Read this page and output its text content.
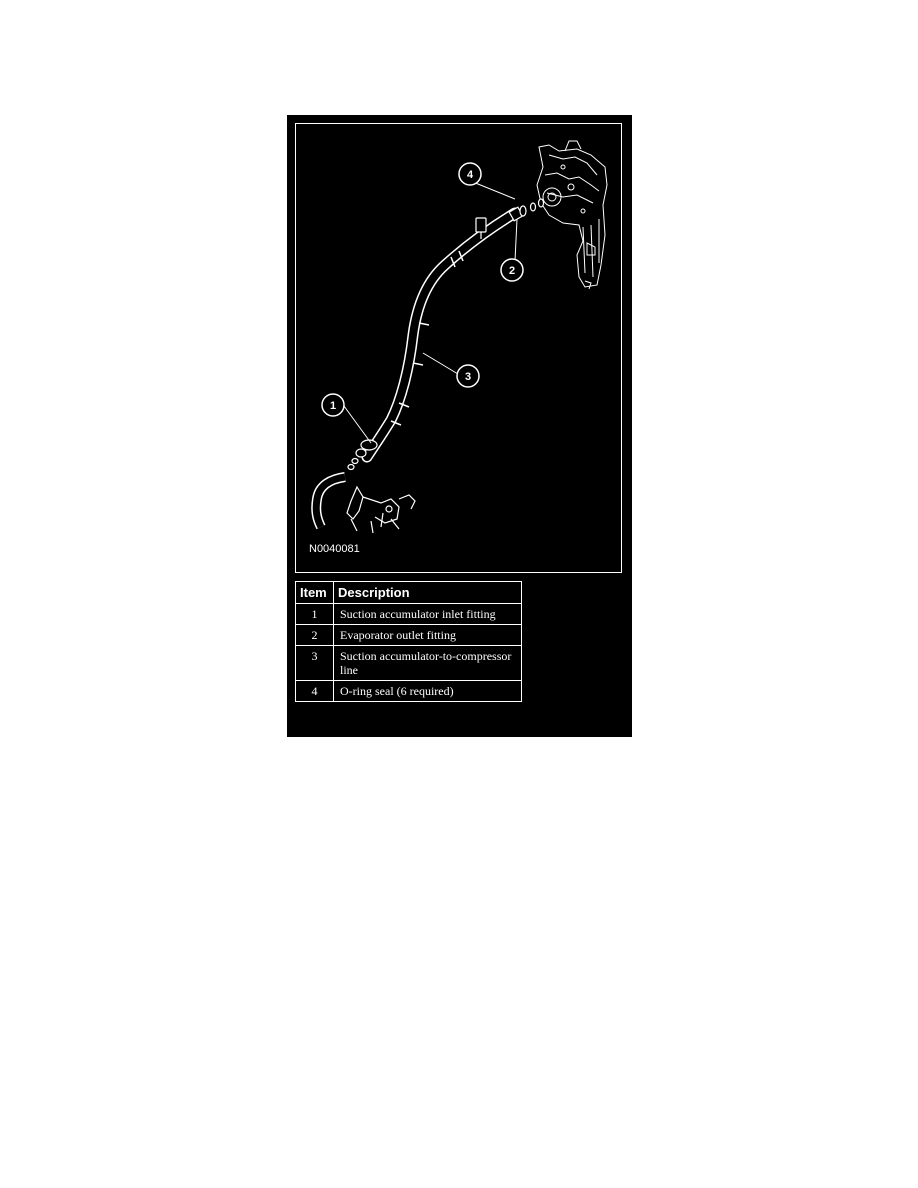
4
2
3
1
N0040081
Item	Description
1	Suction accumulator inlet fitting
2	Evaporator outlet fitting
3	Suction accumulator-to-compressor line
4	O-ring seal (6 required)
